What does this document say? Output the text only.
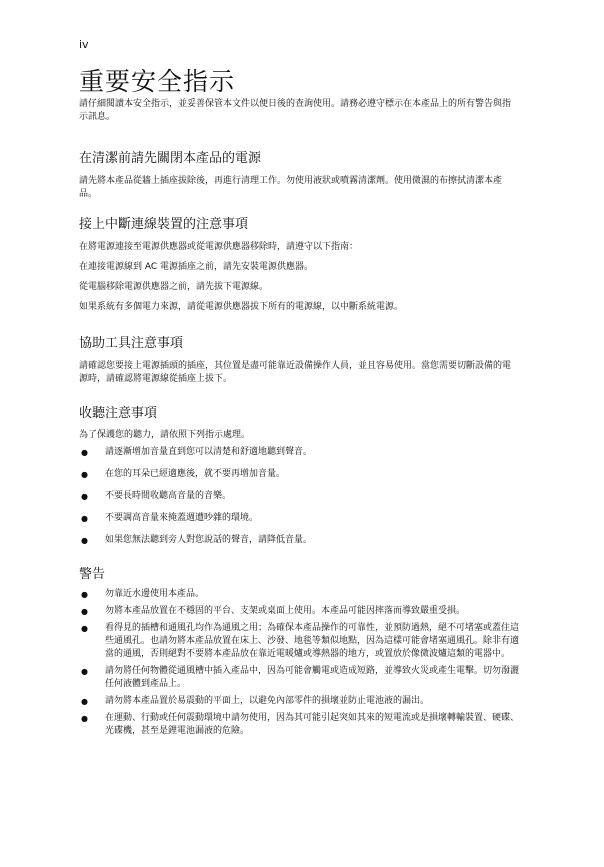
iv
重要安全指示

請仔細閱讀本安全指示，並妥善保管本文件以便日後的查詢使用。請務必遵守標示在本產品上的所有警告與指示訊息。

在清潔前請先關閉本產品的電源

請先將本產品從牆上插座拔除後，再進行清理工作。勿使用液狀或噴霧清潔劑。使用微濕的布擦拭清潔本產品。

接上中斷連線裝置的注意事項

在將電源連接至電源供應器或從電源供應器移除時，請遵守以下指南：

在連接電源線到 AC 電源插座之前，請先安裝電源供應器。

從電腦移除電源供應器之前，請先拔下電源線。

如果系統有多個電力來源，請從電源供應器拔下所有的電源線，以中斷系統電源。

協助工具注意事項

請確認您要接上電源插頭的插座，其位置是盡可能靠近設備操作人員，並且容易使用。當您需要切斷設備的電源時，請確認將電源線從插座上拔下。

收聽注意事項

為了保護您的聽力，請依照下列指示處理。

● 請逐漸增加音量直到您可以清楚和舒適地聽到聲音。
● 在您的耳朵已經適應後，就不要再增加音量。
● 不要長時間收聽高音量的音樂。
● 不要調高音量來掩蓋週遭吵雜的環境。
● 如果您無法聽到旁人對您說話的聲音，請降低音量。
警告
● 勿靠近水邊使用本產品。
● 勿將本產品放置在不穩固的平台、支架或桌面上使用。本產品可能因摔落而導致嚴重受損。
● 看得見的插槽和通風孔均作為通風之用；為確保本產品操作的可靠性，並預防過熱，絕不可堵塞或蓋住這些通風孔。也請勿將本產品放置在床上、沙發、地毯等類似地點，因為這樣可能會堵塞通風孔。除非有適當的通風，否則絕對不要將本產品放在靠近電暖爐或導熱器的地方，或置放於像微波爐這類的電器中。
● 請勿將任何物體從通風槽中插入產品中，因為可能會觸電或造成短路，並導致火災或產生電擊。切勿潑灑任何液體到產品上。
● 請勿將本產品置於易震動的平面上，以避免內部零件的損壞並防止電池液的漏出。
● 在運動、行動或任何震動環境中請勿使用，因為其可能引起突如其來的短電流或是損壞轉輸裝置、硬碟、光碟機，甚至是鋰電池漏液的危險。
